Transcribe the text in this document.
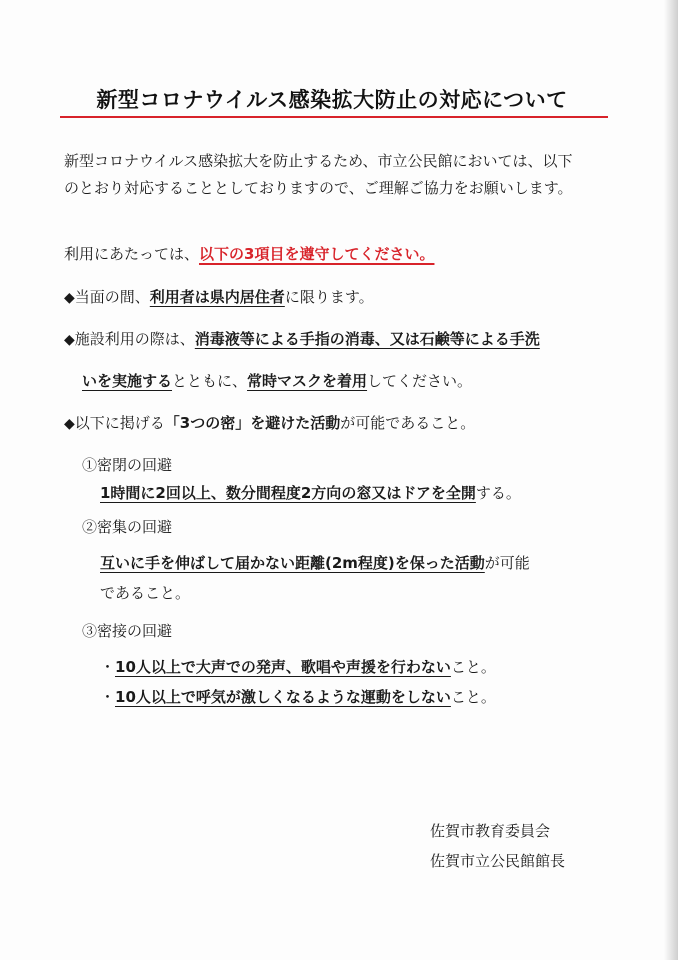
新型コロナウイルス感染拡大防止の対応について

新型コロナウイルス感染拡大を防止するため、市立公民館においては、以下

のとおり対応することとしておりますので、ご理解ご協力をお願いします。

利用にあたっては、以下の3項目を遵守してください。
◆当面の間、利用者は県内居住者に限ります。
◆施設利用の際は、消毒液等による手指の消毒、又は石鹸等による手洗
いを実施するとともに、常時マスクを着用してください。
◆以下に掲げる「3つの密」を避けた活動が可能であること。
①密閉の回避
1時間に2回以上、数分間程度2方向の窓又はドアを全開する。
②密集の回避
互いに手を伸ばして届かない距離(2m程度)を保った活動が可能
であること。
③密接の回避
・10人以上で大声での発声、歌唱や声援を行わないこと。
・10人以上で呼気が激しくなるような運動をしないこと。
佐賀市教育委員会
佐賀市立公民館館長
